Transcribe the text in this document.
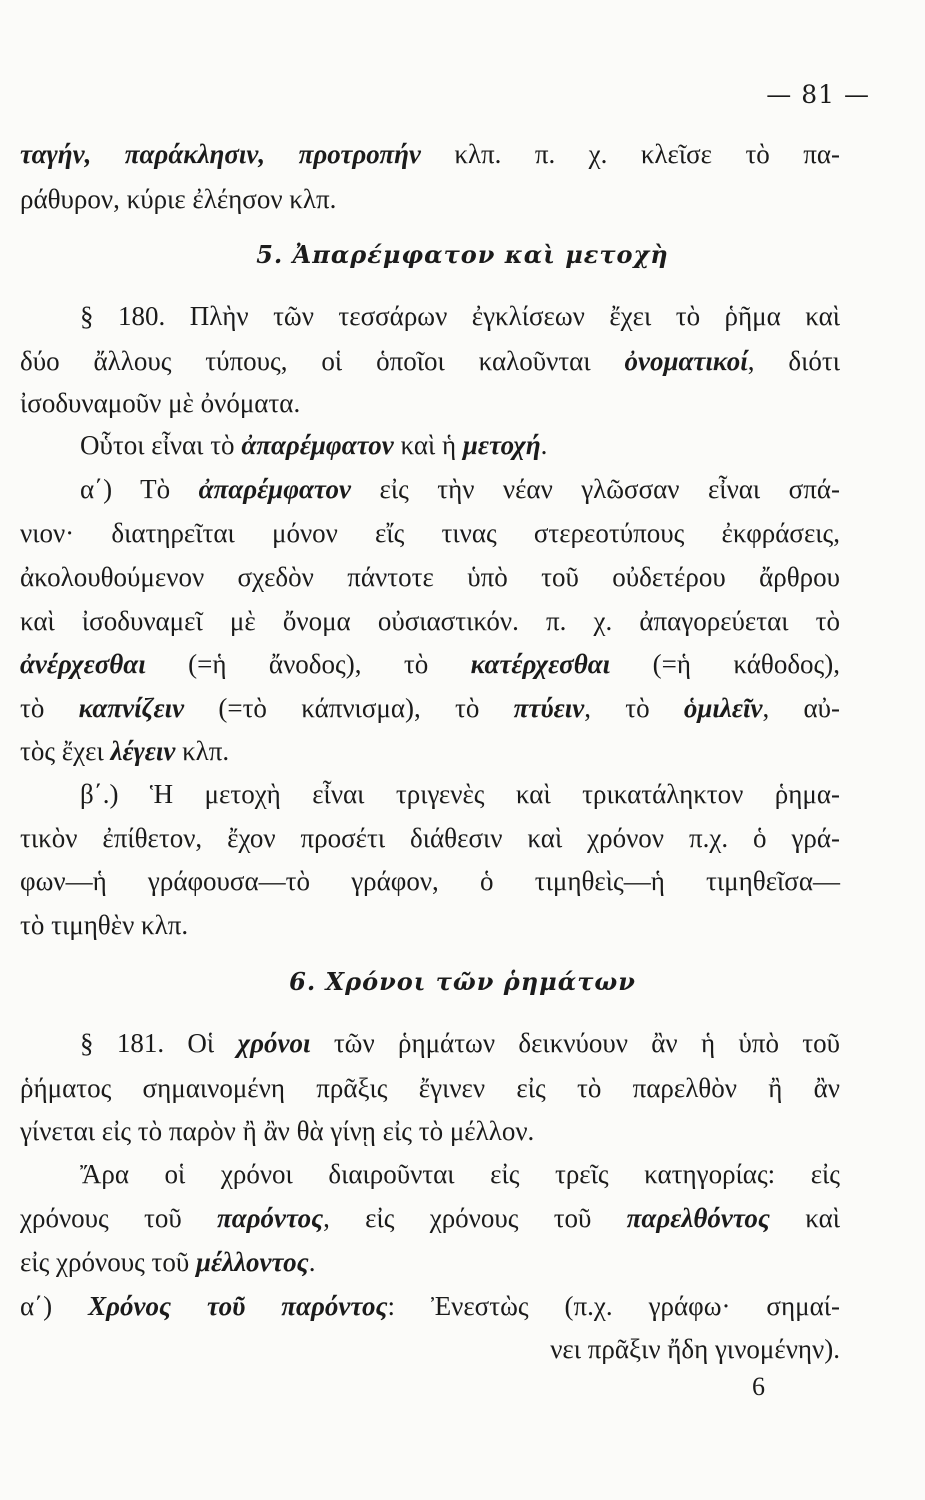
— 81 —
ταγήν, παράκλησιν, προτροπήν κλπ. π. χ. κλεῖσε τὸ πα-
ράθυρον, κύριε ἐλέησον κλπ.
5. Ἀπαρέμφατον καὶ μετοχὴ
§ 180. Πλὴν τῶν τεσσάρων ἐγκλίσεων ἔχει τὸ ῥῆμα καὶ
δύο ἄλλους τύπους, οἱ ὁποῖοι καλοῦνται ὀνοματικοί, διότι
ἰσοδυναμοῦν μὲ ὀνόματα.
Οὗτοι εἶναι τὸ ἀπαρέμφατον καὶ ἡ μετοχή.
α΄) Τὸ ἀπαρέμφατον εἰς τὴν νέαν γλῶσσαν εἶναι σπά-
νιον· διατηρεῖται μόνον εἴς τινας στερεοτύπους ἐκφράσεις,
ἀκολουθούμενον σχεδὸν πάντοτε ὑπὸ τοῦ οὐδετέρου ἄρθρου
καὶ ἰσοδυναμεῖ μὲ ὄνομα οὐσιαστικόν. π. χ. ἀπαγορεύεται τὸ
ἀνέρχεσθαι (=ἡ ἄνοδος), τὸ κατέρχεσθαι (=ἡ κάθοδος),
τὸ καπνίζειν (=τὸ κάπνισμα), τὸ πτύειν, τὸ ὁμιλεῖν, αὐ-
τὸς ἔχει λέγειν κλπ.
β΄.) Ἡ μετοχὴ εἶναι τριγενὲς καὶ τρικατάληκτον ῥημα-
τικὸν ἐπίθετον, ἔχον προσέτι διάθεσιν καὶ χρόνον π.χ. ὁ γρά-
φων—ἡ γράφουσα—τὸ γράφον, ὁ τιμηθεὶς—ἡ τιμηθεῖσα—
τὸ τιμηθὲν κλπ.
6. Χρόνοι τῶν ῥημάτων
§ 181. Οἱ χρόνοι τῶν ῥημάτων δεικνύουν ἂν ἡ ὑπὸ τοῦ
ῥήματος σημαινομένη πρᾶξις ἔγινεν εἰς τὸ παρελθὸν ἢ ἂν
γίνεται εἰς τὸ παρὸν ἢ ἂν θὰ γίνῃ εἰς τὸ μέλλον.
Ἄρα οἱ χρόνοι διαιροῦνται εἰς τρεῖς κατηγορίας: εἰς
χρόνους τοῦ παρόντος, εἰς χρόνους τοῦ παρελθόντος καὶ
εἰς χρόνους τοῦ μέλλοντος.
α΄) Χρόνος τοῦ παρόντος: Ἐνεστὼς (π.χ. γράφω· σημαί-
νει πρᾶξιν ἤδη γινομένην).
6
